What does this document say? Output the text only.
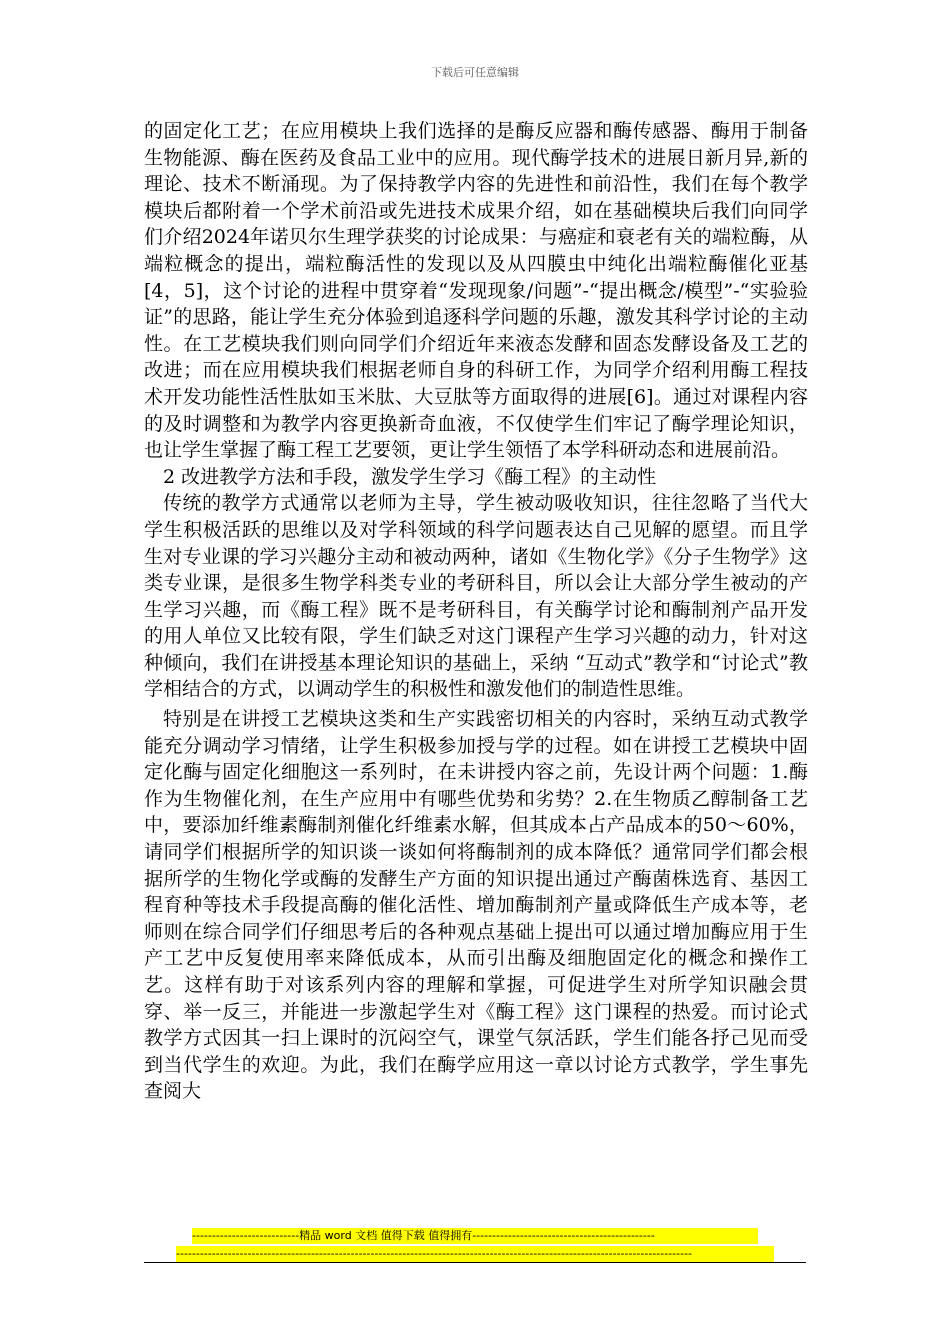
下载后可任意编辑

的固定化工艺；在应用模块上我们选择的是酶反应器和酶传感器、酶用于制备生物能源、酶在医药及食品工业中的应用。现代酶学技术的进展日新月异,新的理论、技术不断涌现。为了保持教学内容的先进性和前沿性，我们在每个教学模块后都附着一个学术前沿或先进技术成果介绍，如在基础模块后我们向同学们介绍2024年诺贝尔生理学获奖的讨论成果：与癌症和衰老有关的端粒酶，从端粒概念的提出，端粒酶活性的发现以及从四膜虫中纯化出端粒酶催化亚基[4，5]，这个讨论的进程中贯穿着“发现现象/问题”-“提出概念/模型”-“实验验证”的思路，能让学生充分体验到追逐科学问题的乐趣，激发其科学讨论的主动性。在工艺模块我们则向同学们介绍近年来液态发酵和固态发酵设备及工艺的改进；而在应用模块我们根据老师自身的科研工作，为同学介绍利用酶工程技术开发功能性活性肽如玉米肽、大豆肽等方面取得的进展[6]。通过对课程内容的及时调整和为教学内容更换新奇血液，不仅使学生们牢记了酶学理论知识，也让学生掌握了酶工程工艺要领，更让学生领悟了本学科研动态和进展前沿。

2 改进教学方法和手段，激发学生学习《酶工程》的主动性

传统的教学方式通常以老师为主导，学生被动吸收知识，往往忽略了当代大学生积极活跃的思维以及对学科领域的科学问题表达自己见解的愿望。而且学生对专业课的学习兴趣分主动和被动两种，诸如《生物化学》《分子生物学》这类专业课，是很多生物学科类专业的考研科目，所以会让大部分学生被动的产生学习兴趣，而《酶工程》既不是考研科目，有关酶学讨论和酶制剂产品开发的用人单位又比较有限，学生们缺乏对这门课程产生学习兴趣的动力，针对这种倾向，我们在讲授基本理论知识的基础上，采纳 “互动式”教学和“讨论式”教学相结合的方式，以调动学生的积极性和激发他们的制造性思维。

特别是在讲授工艺模块这类和生产实践密切相关的内容时，采纳互动式教学能充分调动学习情绪，让学生积极参加授与学的过程。如在讲授工艺模块中固定化酶与固定化细胞这一系列时，在未讲授内容之前，先设计两个问题：1.酶作为生物催化剂，在生产应用中有哪些优势和劣势？2.在生物质乙醇制备工艺中，要添加纤维素酶制剂催化纤维素水解，但其成本占产品成本的50～60%，请同学们根据所学的知识谈一谈如何将酶制剂的成本降低？通常同学们都会根据所学的生物化学或酶的发酵生产方面的知识提出通过产酶菌株选育、基因工程育种等技术手段提高酶的催化活性、增加酶制剂产量或降低生产成本等，老师则在综合同学们仔细思考后的各种观点基础上提出可以通过增加酶应用于生产工艺中反复使用率来降低成本，从而引出酶及细胞固定化的概念和操作工艺。这样有助于对该系列内容的理解和掌握，可促进学生对所学知识融会贯穿、举一反三，并能进一步激起学生对《酶工程》这门课程的热爱。而讨论式教学方式因其一扫上课时的沉闷空气，课堂气氛活跃，学生们能各抒己见而受到当代学生的欢迎。为此，我们在酶学应用这一章以讨论方式教学，学生事先查阅大

---------------------------精品 word 文档 值得下载 值得拥有----------------------------------------------
----------------------------------------------------------------------------------------------------------------------------------
